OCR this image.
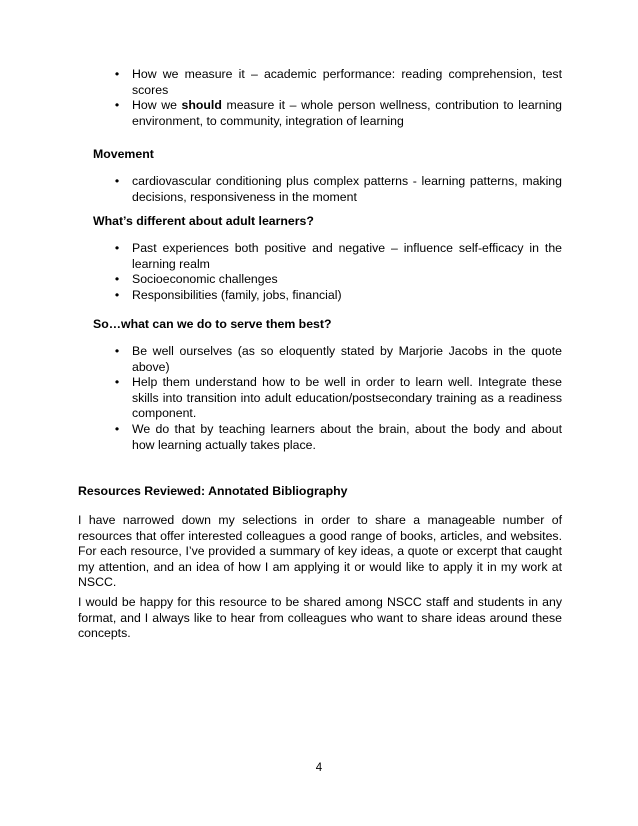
• How we measure it – academic performance: reading comprehension, test scores
• How we should measure it – whole person wellness, contribution to learning environment, to community, integration of learning
Movement
• cardiovascular conditioning plus complex patterns - learning patterns, making decisions, responsiveness in the moment
What’s different about adult learners?
• Past experiences both positive and negative – influence self-efficacy in the learning realm
• Socioeconomic challenges
• Responsibilities (family, jobs, financial)
So…what can we do to serve them best?
• Be well ourselves (as so eloquently stated by Marjorie Jacobs in the quote above)
• Help them understand how to be well in order to learn well. Integrate these skills into transition into adult education/postsecondary training as a readiness component.
• We do that by teaching learners about the brain, about the body and about how learning actually takes place.
Resources Reviewed: Annotated Bibliography

I have narrowed down my selections in order to share a manageable number of resources that offer interested colleagues a good range of books, articles, and websites. For each resource, I’ve provided a summary of key ideas, a quote or excerpt that caught my attention, and an idea of how I am applying it or would like to apply it in my work at NSCC.

I would be happy for this resource to be shared among NSCC staff and students in any format, and I always like to hear from colleagues who want to share ideas around these concepts.

4
